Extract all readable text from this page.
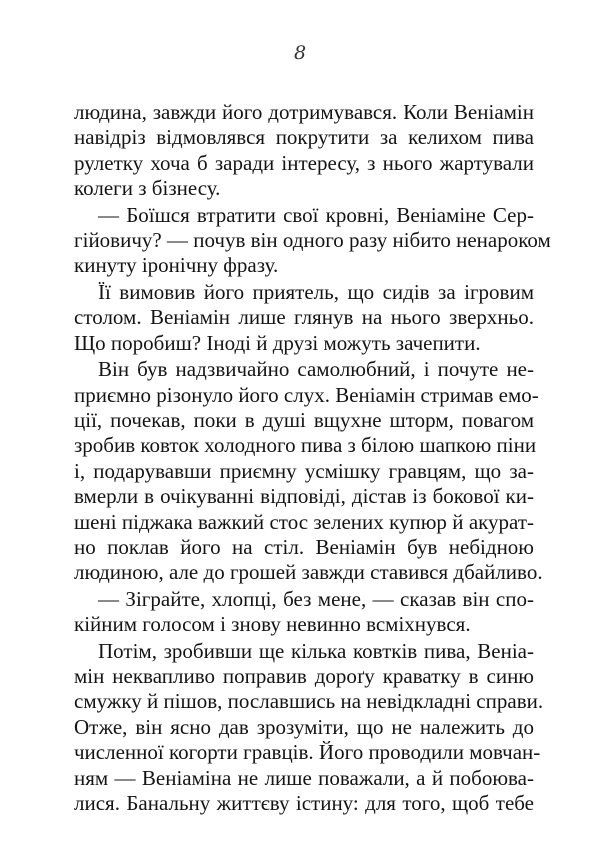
8

людина, завжди його дотримувався. Коли Веніамін
навідріз відмовлявся покрутити за келихом пива
рулетку хоча б заради інтересу, з нього жартували
колеги з бізнесу.

— Боїшся втратити свої кровні, Веніаміне Сер-
гійовичу? — почув він одного разу нібито ненароком
кинуту іронічну фразу.

Її вимовив його приятель, що сидів за ігровим
столом. Веніамін лише глянув на нього зверхньо.
Що поробиш? Іноді й друзі можуть зачепити.

Він був надзвичайно самолюбний, і почуте не-
приємно різонуло його слух. Веніамін стримав емо-
ції, почекав, поки в душі вщухне шторм, повагом
зробив ковток холодного пива з білою шапкою піни
і, подарувавши приємну усмішку гравцям, що за-
вмерли в очікуванні відповіді, дістав із бокової ки-
шені піджака важкий стос зелених купюр й акурат-
но поклав його на стіл. Веніамін був небідною
людиною, але до грошей завжди ставився дбайливо.

— Зіграйте, хлопці, без мене, — сказав він спо-
кійним голосом і знову невинно всміхнувся.

Потім, зробивши ще кілька ковтків пива, Веніа-
мін неквапливо поправив дороґу краватку в синю
смужку й пішов, пославшись на невідкладні справи.
Отже, він ясно дав зрозуміти, що не належить до
численної когорти гравців. Його проводили мовчан-
ням — Веніаміна не лише поважали, а й побоюва-
лися. Банальну життєву істину: для того, щоб тебе
